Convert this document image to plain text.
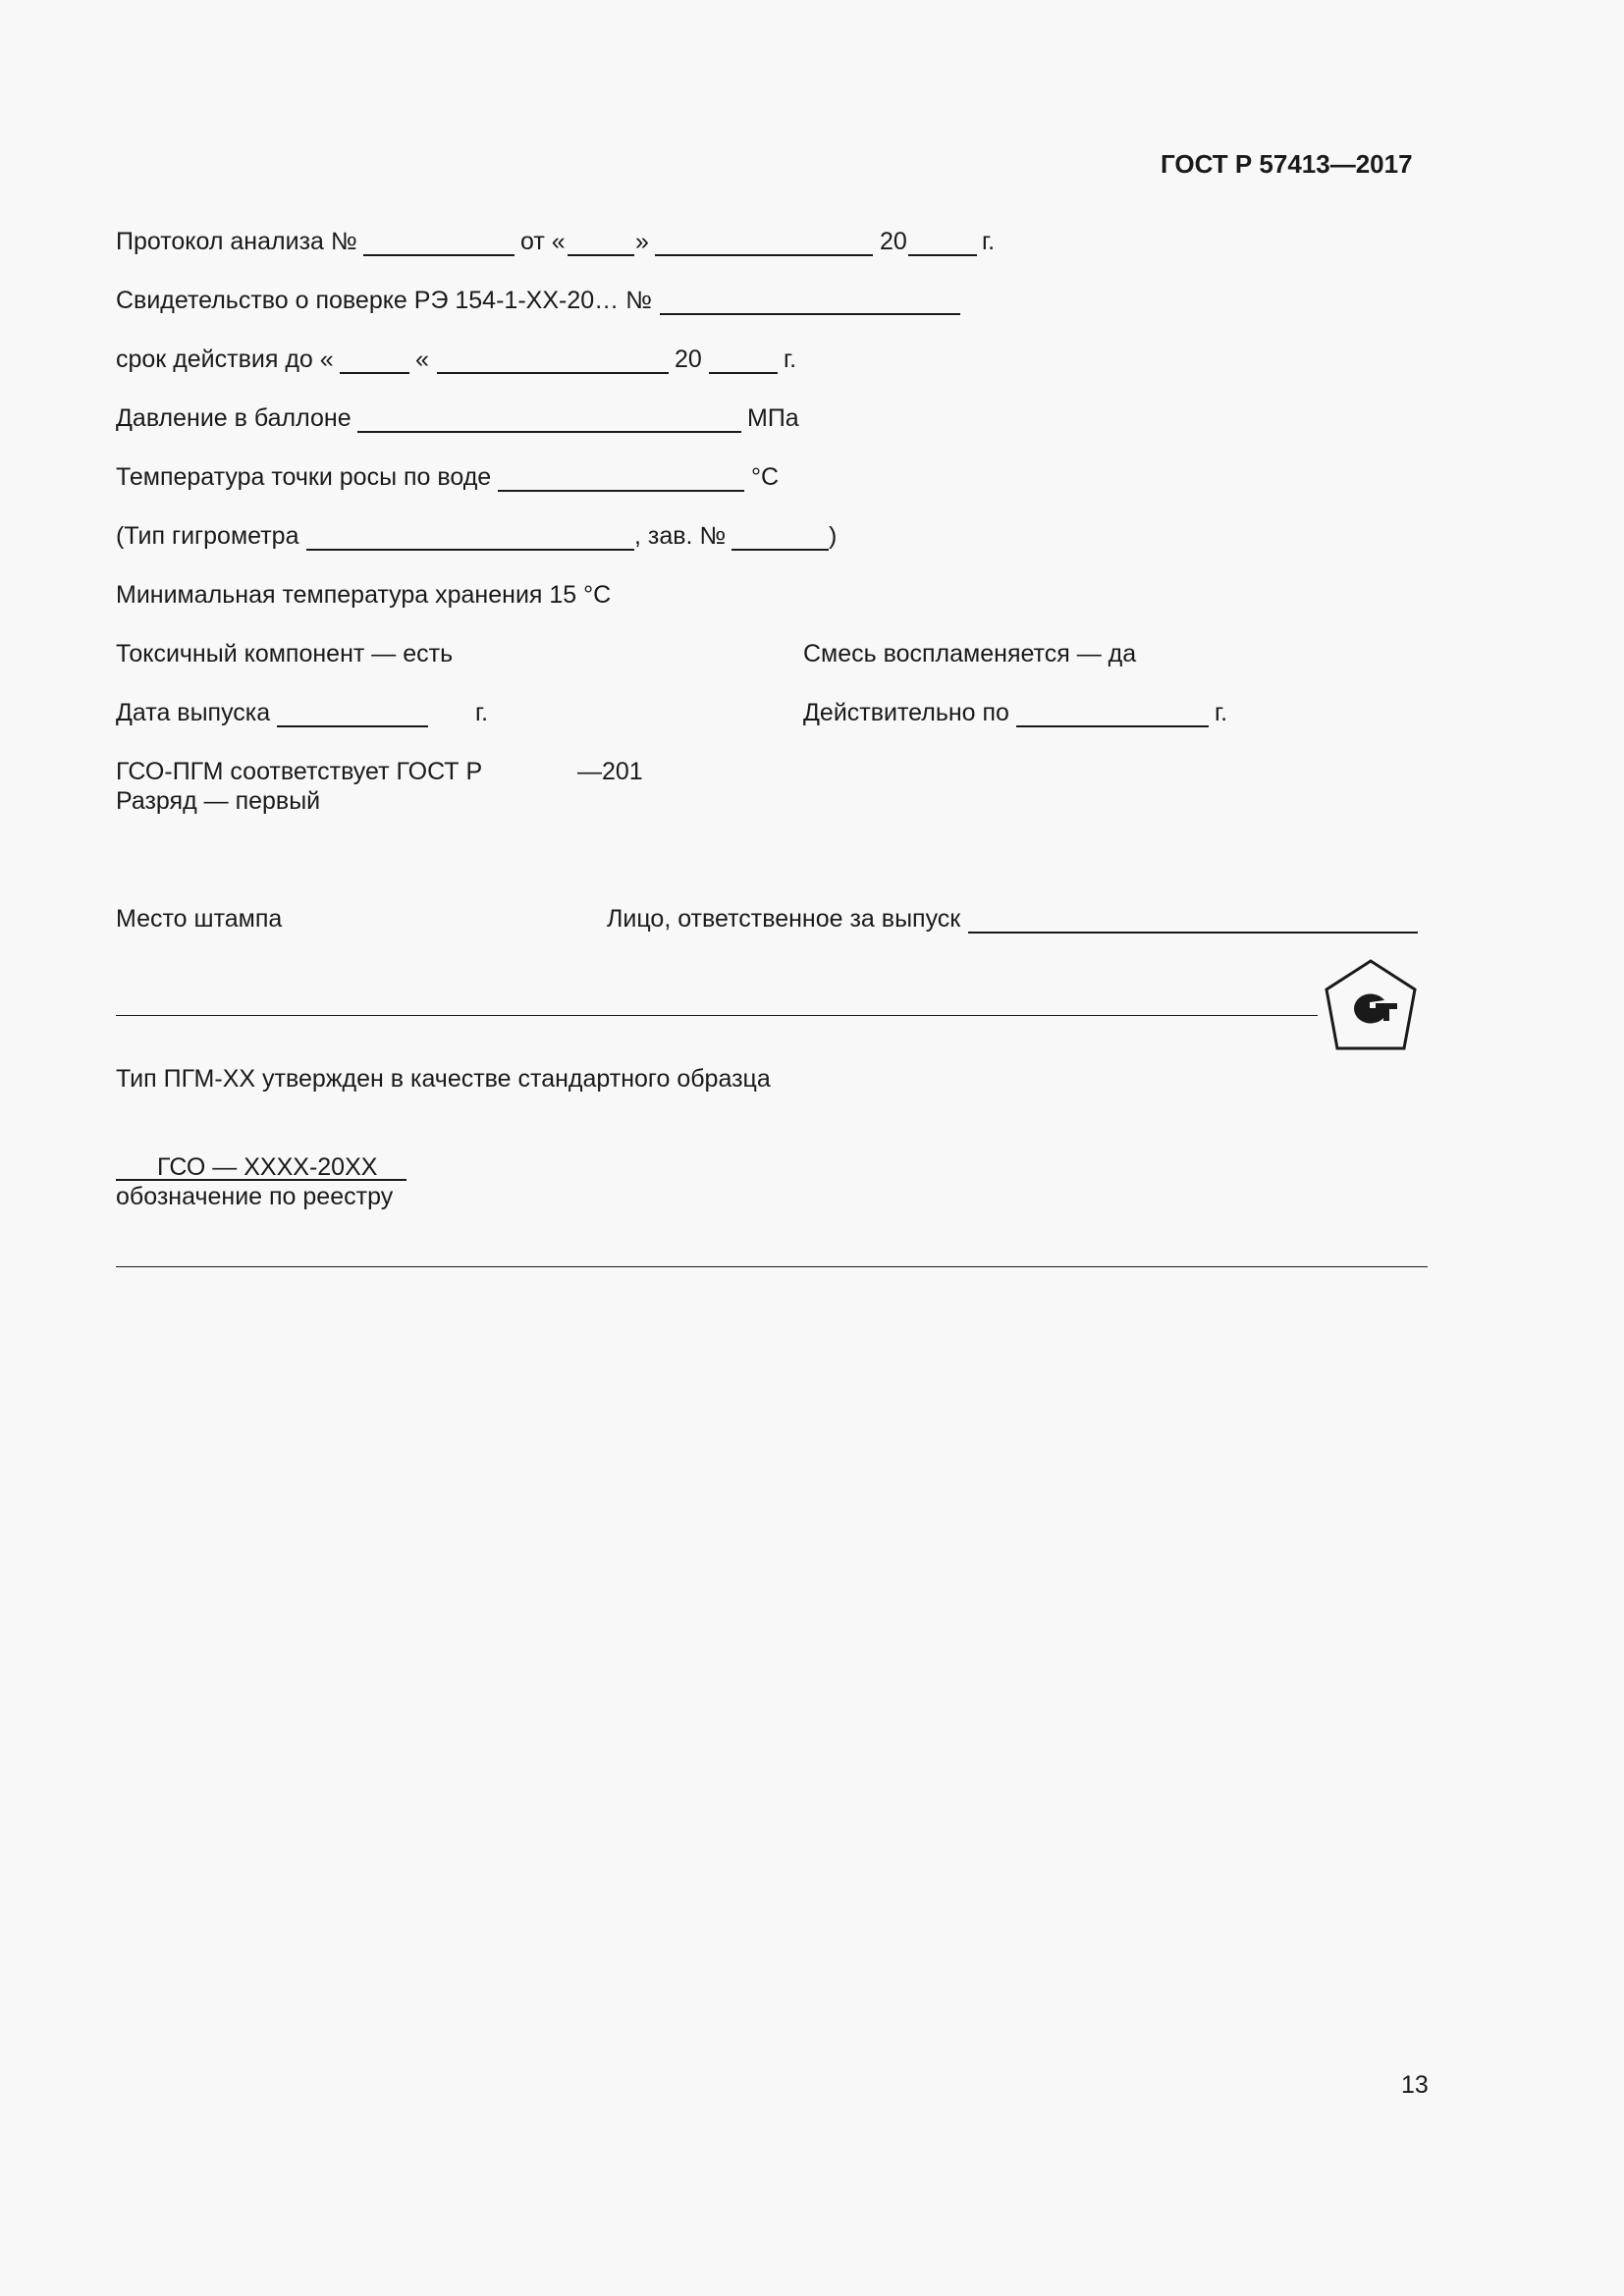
ГОСТ Р 57413—2017
Протокол анализа №	от «	»	20	г.
Свидетельство о поверке РЭ 154-1-ХХ-20… №
срок действия до «	«	20	г.
Давление в баллоне	МПа
Температура точки росы по воде	°С
(Тип гигрометра	, зав. №	)
Минимальная температура хранения 15 °С
Токсичный компонент — есть	Смесь воспламеняется — да
Дата выпуска	г.	Действительно по	г.
ГСО-ПГМ соответствует ГОСТ Р	—201
Разряд — первый
Место штампа	Лицо, ответственное за выпуск
Тип ПГМ-ХХ утвержден в качестве стандартного образца
ГСО — ХХХХ-20ХХ
обозначение по реестру
13
